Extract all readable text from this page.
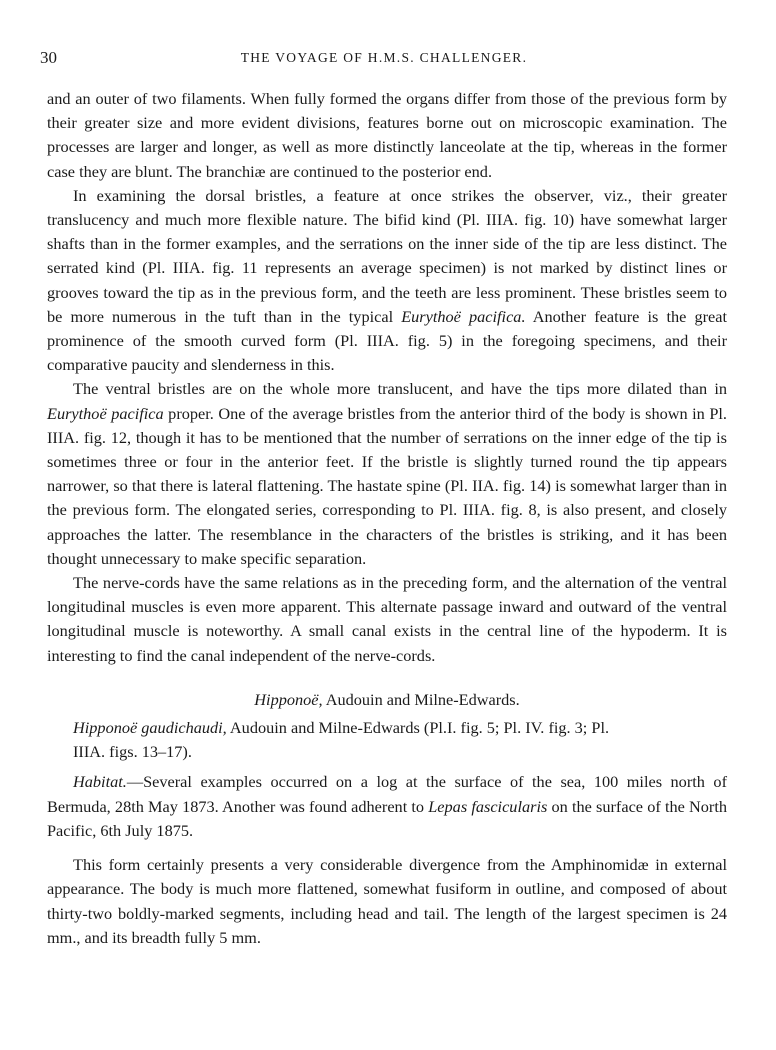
30	THE VOYAGE OF H.M.S. CHALLENGER.

and an outer of two filaments. When fully formed the organs differ from those of the previous form by their greater size and more evident divisions, features borne out on microscopic examination. The processes are larger and longer, as well as more distinctly lanceolate at the tip, whereas in the former case they are blunt. The branchiæ are continued to the posterior end.

In examining the dorsal bristles, a feature at once strikes the observer, viz., their greater translucency and much more flexible nature. The bifid kind (Pl. IIIA. fig. 10) have somewhat larger shafts than in the former examples, and the serrations on the inner side of the tip are less distinct. The serrated kind (Pl. IIIA. fig. 11 represents an average specimen) is not marked by distinct lines or grooves toward the tip as in the previous form, and the teeth are less prominent. These bristles seem to be more numerous in the tuft than in the typical Eurythoë pacifica. Another feature is the great prominence of the smooth curved form (Pl. IIIA. fig. 5) in the foregoing specimens, and their comparative paucity and slenderness in this.

The ventral bristles are on the whole more translucent, and have the tips more dilated than in Eurythoë pacifica proper. One of the average bristles from the anterior third of the body is shown in Pl. IIIA. fig. 12, though it has to be mentioned that the number of serrations on the inner edge of the tip is sometimes three or four in the anterior feet. If the bristle is slightly turned round the tip appears narrower, so that there is lateral flattening. The hastate spine (Pl. IIA. fig. 14) is somewhat larger than in the previous form. The elongated series, corresponding to Pl. IIIA. fig. 8, is also present, and closely approaches the latter. The resemblance in the characters of the bristles is striking, and it has been thought unnecessary to make specific separation.

The nerve-cords have the same relations as in the preceding form, and the alternation of the ventral longitudinal muscles is even more apparent. This alternate passage inward and outward of the ventral longitudinal muscle is noteworthy. A small canal exists in the central line of the hypoderm. It is interesting to find the canal independent of the nerve-cords.

Hipponoë, Audouin and Milne-Edwards.

Hipponoë gaudichaudi, Audouin and Milne-Edwards (Pl.I. fig. 5; Pl. IV. fig. 3; Pl.
IIIA. figs. 13–17).

Habitat.—Several examples occurred on a log at the surface of the sea, 100 miles north of Bermuda, 28th May 1873. Another was found adherent to Lepas fascicularis on the surface of the North Pacific, 6th July 1875.

This form certainly presents a very considerable divergence from the Amphinomidæ in external appearance. The body is much more flattened, somewhat fusiform in outline, and composed of about thirty-two boldly-marked segments, including head and tail. The length of the largest specimen is 24 mm., and its breadth fully 5 mm.
